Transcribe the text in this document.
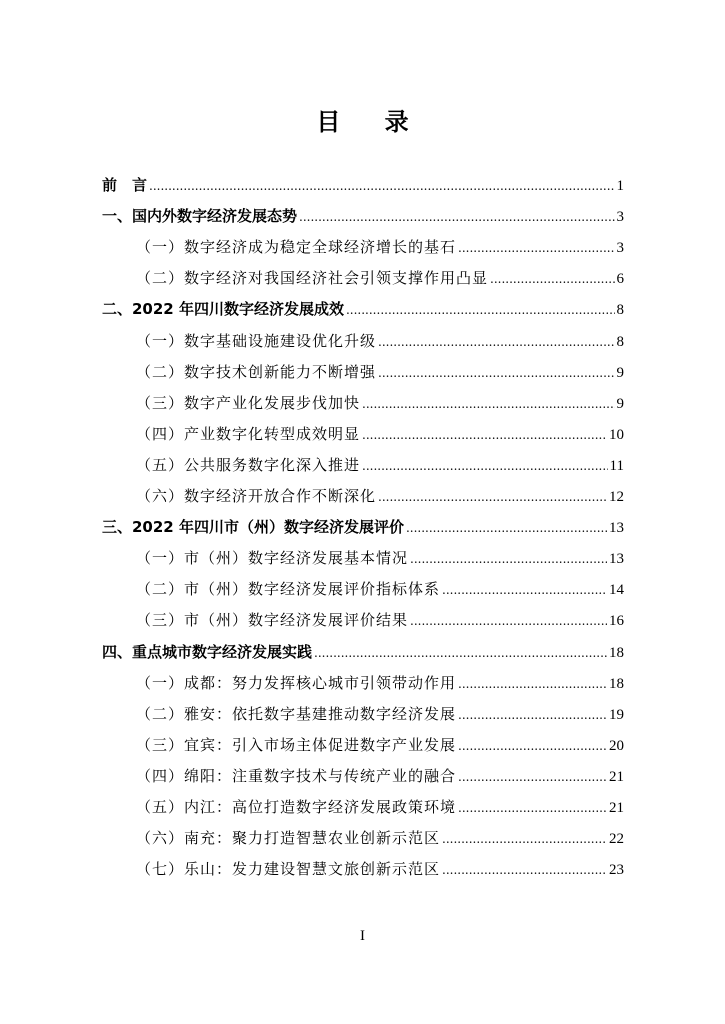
目 录
前　言 .....	1
一、国内外数字经济发展态势 .....	3
（一）数字经济成为稳定全球经济增长的基石 .....	3
（二）数字经济对我国经济社会引领支撑作用凸显 .....	6
二、2022 年四川数字经济发展成效 .....	8
（一）数字基础设施建设优化升级 .....	8
（二）数字技术创新能力不断增强 .....	9
（三）数字产业化发展步伐加快 .....	9
（四）产业数字化转型成效明显 .....	10
（五）公共服务数字化深入推进 .....	11
（六）数字经济开放合作不断深化 .....	12
三、2022 年四川市（州）数字经济发展评价 .....	13
（一）市（州）数字经济发展基本情况 .....	13
（二）市（州）数字经济发展评价指标体系 .....	14
（三）市（州）数字经济发展评价结果 .....	16
四、重点城市数字经济发展实践 .....	18
（一）成都：努力发挥核心城市引领带动作用 .....	18
（二）雅安：依托数字基建推动数字经济发展 .....	19
（三）宜宾：引入市场主体促进数字产业发展 .....	20
（四）绵阳：注重数字技术与传统产业的融合 .....	21
（五）内江：高位打造数字经济发展政策环境 .....	21
（六）南充：聚力打造智慧农业创新示范区 .....	22
（七）乐山：发力建设智慧文旅创新示范区 .....	23
I
